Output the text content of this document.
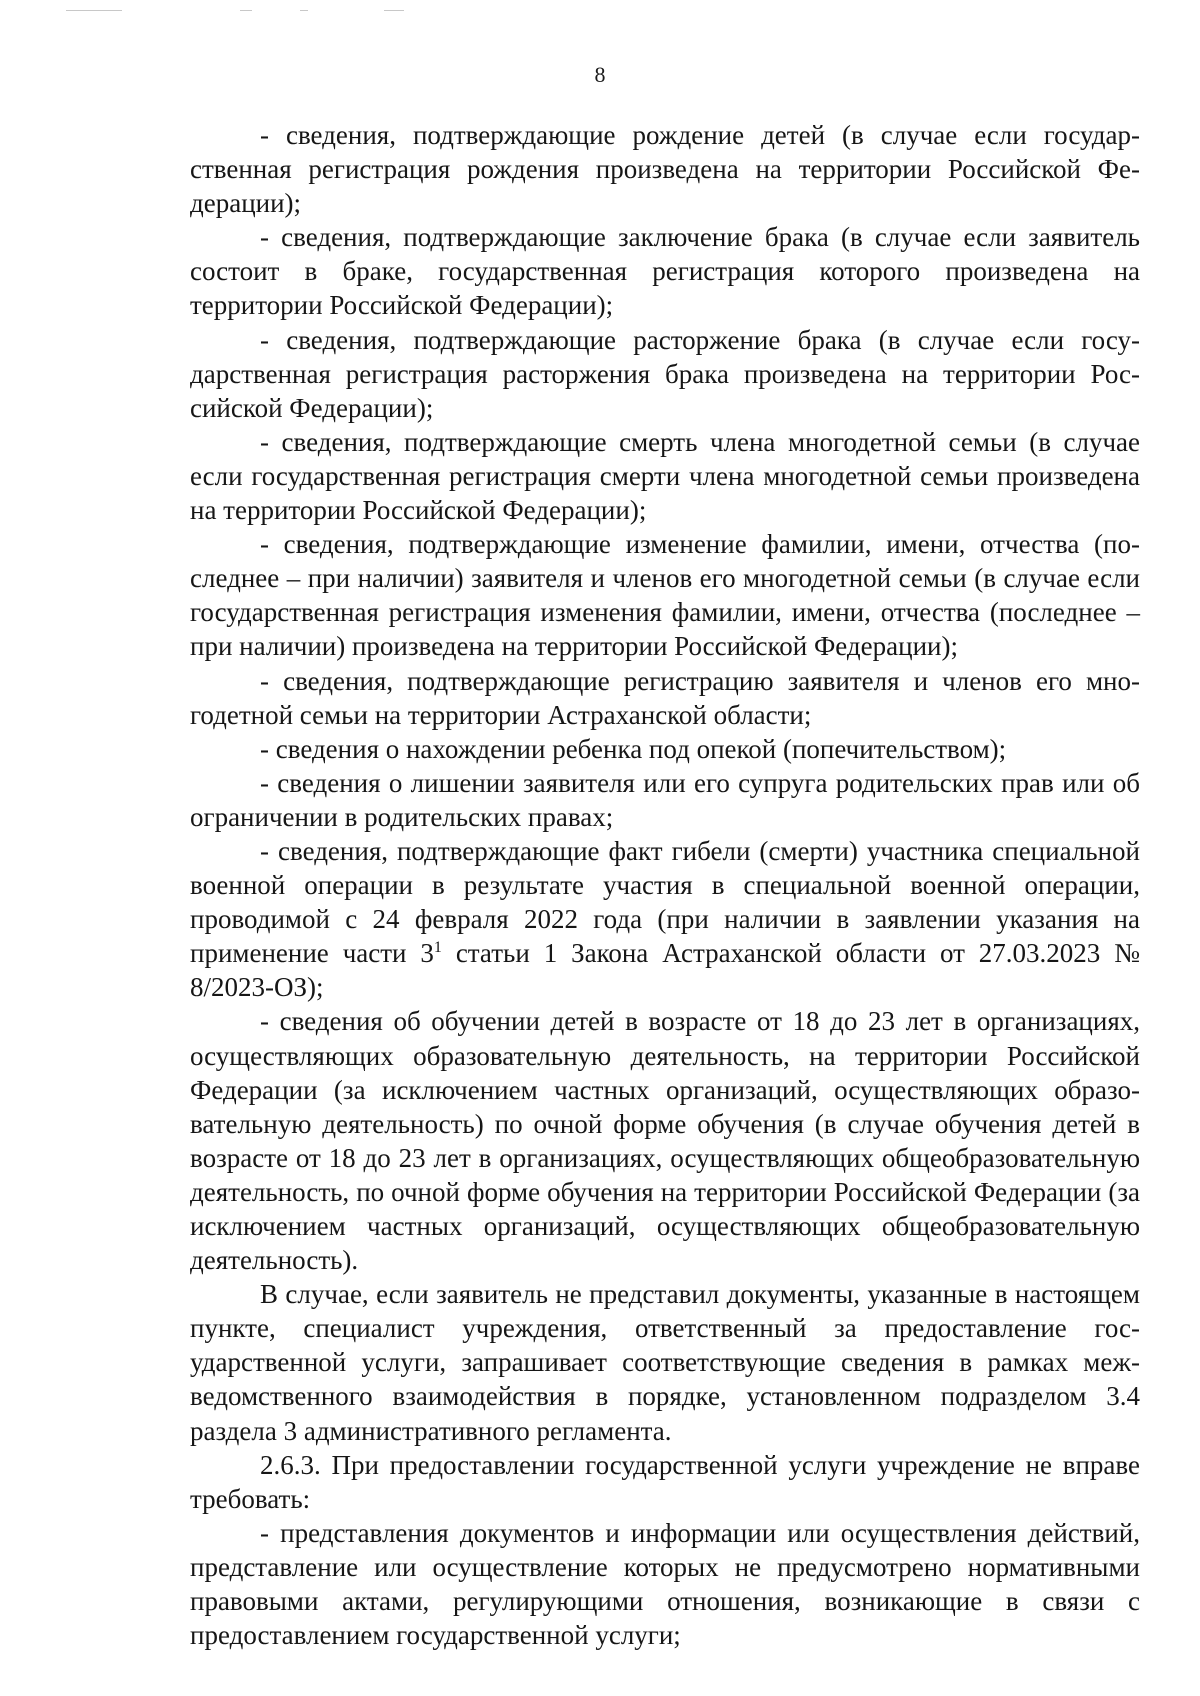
8

- сведения, подтверждающие рождение детей (в случае если государственная регистрация рождения произведена на территории Российской Федерации);

- сведения, подтверждающие заключение брака (в случае если заявитель состоит в браке, государственная регистрация которого произведена на территории Российской Федерации);

- сведения, подтверждающие расторжение брака (в случае если государственная регистрация расторжения брака произведена на территории Российской Федерации);

- сведения, подтверждающие смерть члена многодетной семьи (в случае если государственная регистрация смерти члена многодетной семьи произведена на территории Российской Федерации);

- сведения, подтверждающие изменение фамилии, имени, отчества (последнее – при наличии) заявителя и членов его многодетной семьи (в случае если государственная регистрация изменения фамилии, имени, отчества (последнее – при наличии) произведена на территории Российской Федерации);

- сведения, подтверждающие регистрацию заявителя и членов его многодетной семьи на территории Астраханской области;

- сведения о нахождении ребенка под опекой (попечительством);

- сведения о лишении заявителя или его супруга родительских прав или об ограничении в родительских правах;

- сведения, подтверждающие факт гибели (смерти) участника специальной военной операции в результате участия в специальной военной операции, проводимой с 24 февраля 2022 года (при наличии в заявлении указания на применение части $3^1$ статьи 1 Закона Астраханской области от 27.03.2023 № 8/2023-ОЗ);

- сведения об обучении детей в возрасте от 18 до 23 лет в организациях, осуществляющих образовательную деятельность, на территории Российской Федерации (за исключением частных организаций, осуществляющих образовательную деятельность) по очной форме обучения (в случае обучения детей в возрасте от 18 до 23 лет в организациях, осуществляющих общеобразовательную деятельность, по очной форме обучения на территории Российской Федерации (за исключением частных организаций, осуществляющих общеобразовательную деятельность).

В случае, если заявитель не представил документы, указанные в настоящем пункте, специалист учреждения, ответственный за предоставление государственной услуги, запрашивает соответствующие сведения в рамках межведомственного взаимодействия в порядке, установленном подразделом 3.4 раздела 3 административного регламента.

2.6.3. При предоставлении государственной услуги учреждение не вправе требовать:

- представления документов и информации или осуществления действий, представление или осуществление которых не предусмотрено нормативными правовыми актами, регулирующими отношения, возникающие в связи с предоставлением государственной услуги;
